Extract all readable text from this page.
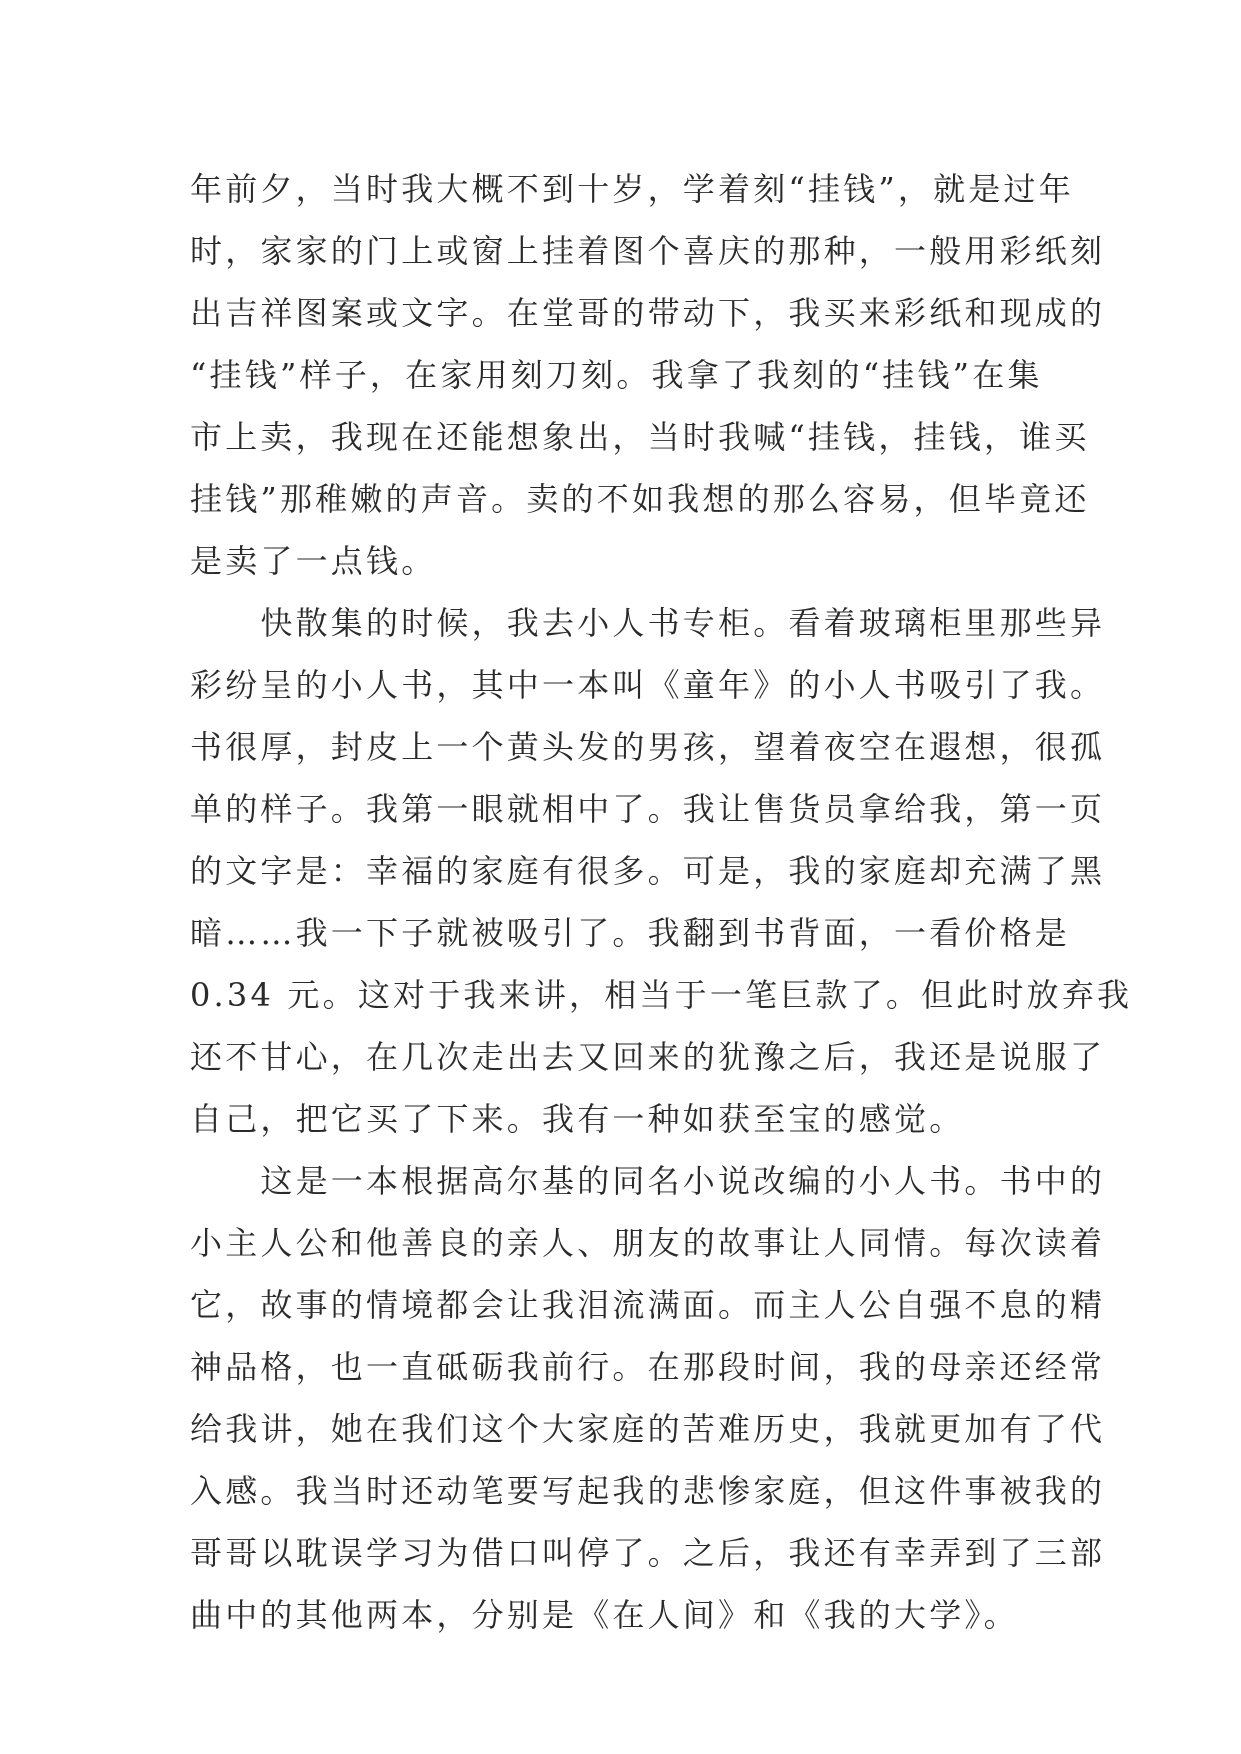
年前夕，当时我大概不到十岁，学着刻“挂钱”，就是过年
时，家家的门上或窗上挂着图个喜庆的那种，一般用彩纸刻
出吉祥图案或文字。在堂哥的带动下，我买来彩纸和现成的
“挂钱”样子，在家用刻刀刻。我拿了我刻的“挂钱”在集
市上卖，我现在还能想象出，当时我喊“挂钱，挂钱，谁买
挂钱”那稚嫩的声音。卖的不如我想的那么容易，但毕竟还
是卖了一点钱。
　　快散集的时候，我去小人书专柜。看着玻璃柜里那些异
彩纷呈的小人书，其中一本叫《童年》的小人书吸引了我。
书很厚，封皮上一个黄头发的男孩，望着夜空在遐想，很孤
单的样子。我第一眼就相中了。我让售货员拿给我，第一页
的文字是：幸福的家庭有很多。可是，我的家庭却充满了黑
暗……我一下子就被吸引了。我翻到书背面，一看价格是
0.34 元。这对于我来讲，相当于一笔巨款了。但此时放弃我
还不甘心，在几次走出去又回来的犹豫之后，我还是说服了
自己，把它买了下来。我有一种如获至宝的感觉。
　　这是一本根据高尔基的同名小说改编的小人书。书中的
小主人公和他善良的亲人、朋友的故事让人同情。每次读着
它，故事的情境都会让我泪流满面。而主人公自强不息的精
神品格，也一直砥砺我前行。在那段时间，我的母亲还经常
给我讲，她在我们这个大家庭的苦难历史，我就更加有了代
入感。我当时还动笔要写起我的悲惨家庭，但这件事被我的
哥哥以耽误学习为借口叫停了。之后，我还有幸弄到了三部
曲中的其他两本，分别是《在人间》和《我的大学》。
